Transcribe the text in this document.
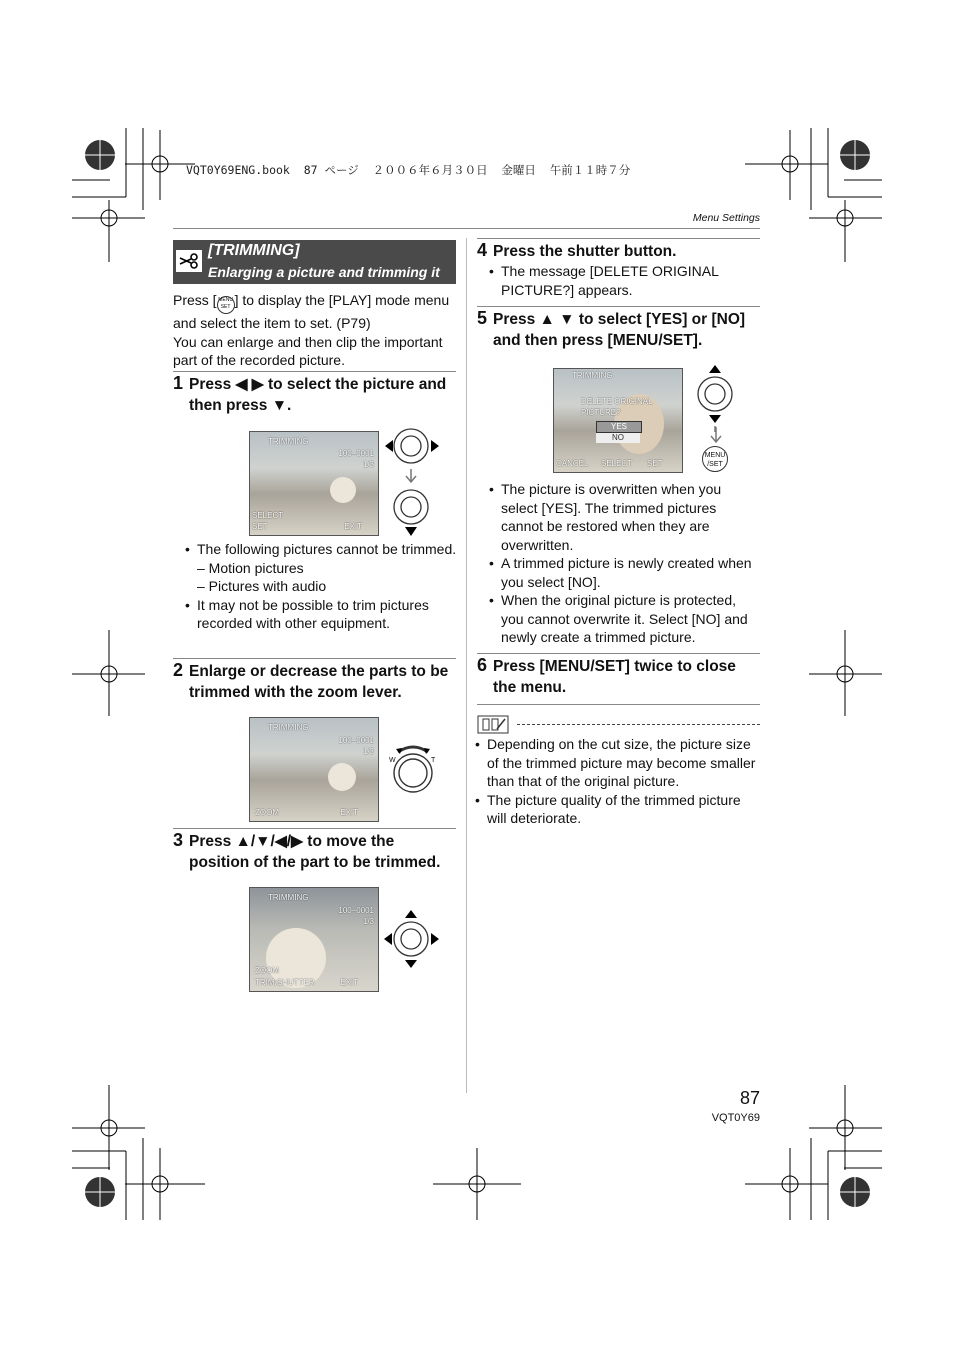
VQT0Y69ENG.book  87 ページ  ２００６年６月３０日  金曜日  午前１１時７分
Menu Settings
[TRIMMING]
Enlarging a picture and trimming it
Press [ MENU
SET ] to display the [PLAY] mode menu and select the item to set. (P79)
You can enlarge and then clip the important part of the recorded picture.
1 Press ◀ ▶ to select the picture and then press ▼.
TRIMMING
100–0001
1/3
SELECT
SET	EXIT
• The following pictures cannot be trimmed.
– Motion pictures
– Pictures with audio
• It may not be possible to trim pictures recorded with other equipment.
2 Enlarge or decrease the parts to be trimmed with the zoom lever.
TRIMMING
100–0001
1/3
ZOOM	EXIT
W	T
3 Press ▲/▼/◀/▶ to move the position of the part to be trimmed.
TRIMMING
100–0001
1/3
ZOOM
TRIM:SHUTTER	EXIT
4 Press the shutter button.
• The message [DELETE ORIGINAL PICTURE?] appears.
5 Press ▲ ▼ to select [YES] or [NO] and then press [MENU/SET].
TRIMMING
DELETE ORIGINAL PICTURE?
YES
NO
CANCEL SELECT SET
MENU /SET
• The picture is overwritten when you select [YES]. The trimmed pictures cannot be restored when they are overwritten.
• A trimmed picture is newly created when you select [NO].
• When the original picture is protected, you cannot overwrite it. Select [NO] and newly create a trimmed picture.
6 Press [MENU/SET] twice to close the menu.
• Depending on the cut size, the picture size of the trimmed picture may become smaller than that of the original picture.
• The picture quality of the trimmed picture will deteriorate.
87
VQT0Y69
